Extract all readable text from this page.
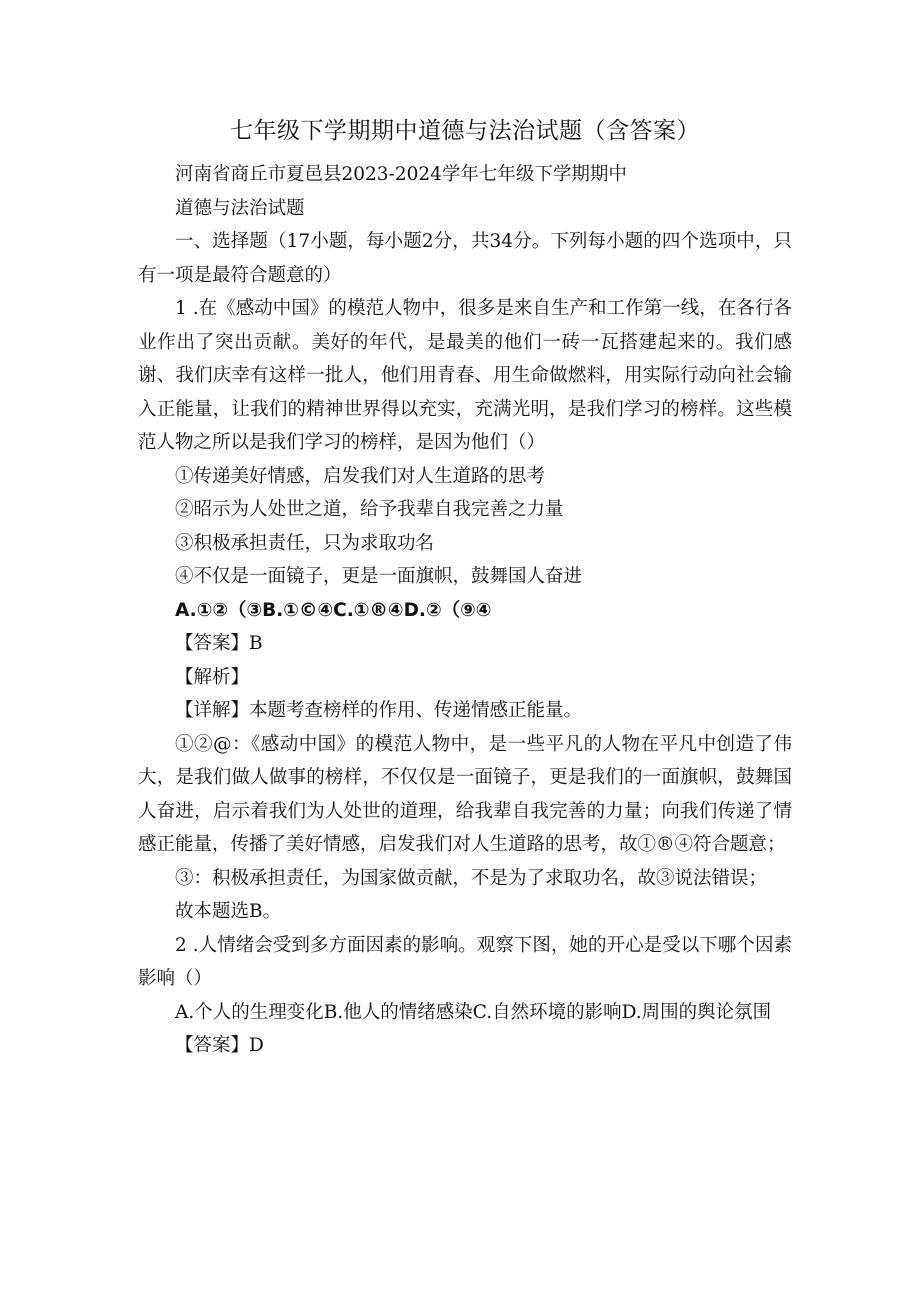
七年级下学期期中道德与法治试题（含答案）

河南省商丘市夏邑县2023-2024学年七年级下学期期中

道德与法治试题

一、选择题（17小题，每小题2分，共34分。下列每小题的四个选项中，只有一项是最符合题意的）

1 .在《感动中国》的模范人物中，很多是来自生产和工作第一线，在各行各业作出了突出贡献。美好的年代，是最美的他们一砖一瓦搭建起来的。我们感谢、我们庆幸有这样一批人，他们用青春、用生命做燃料，用实际行动向社会输入正能量，让我们的精神世界得以充实，充满光明，是我们学习的榜样。这些模范人物之所以是我们学习的榜样，是因为他们（）

①传递美好情感，启发我们对人生道路的思考

②昭示为人处世之道，给予我辈自我完善之力量

③积极承担责任，只为求取功名

④不仅是一面镜子，更是一面旗帜，鼓舞国人奋进

A.①②（③B.①©④C.①®④D.②（⑨④

【答案】B

【解析】

【详解】本题考查榜样的作用、传递情感正能量。

①②@：《感动中国》的模范人物中，是一些平凡的人物在平凡中创造了伟大，是我们做人做事的榜样，不仅仅是一面镜子，更是我们的一面旗帜，鼓舞国人奋进，启示着我们为人处世的道理，给我辈自我完善的力量；向我们传递了情感正能量，传播了美好情感，启发我们对人生道路的思考，故①®④符合题意；

③：积极承担责任，为国家做贡献，不是为了求取功名，故③说法错误；

故本题选B。

2 .人情绪会受到多方面因素的影响。观察下图，她的开心是受以下哪个因素影响（）

A.个人的生理变化B.他人的情绪感染C.自然环境的影响D.周围的舆论氛围

【答案】D
